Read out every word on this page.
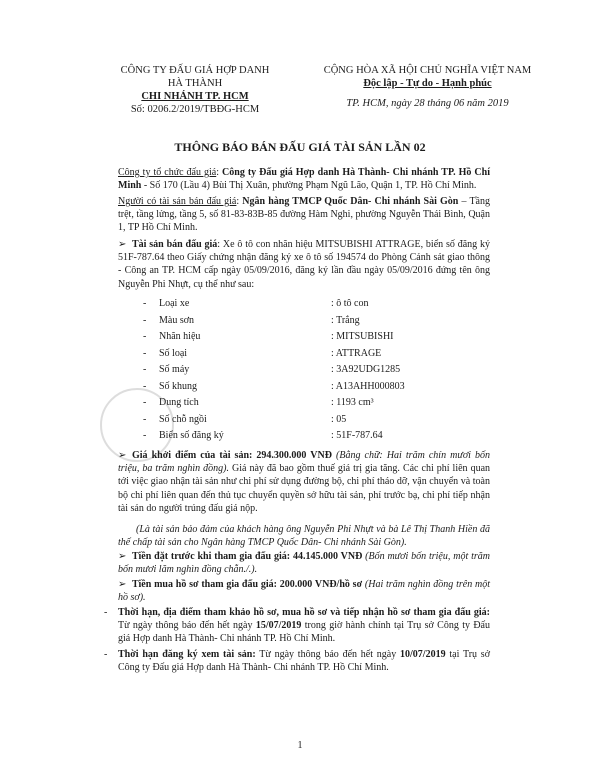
CÔNG TY ĐẤU GIÁ HỢP DANH
HÀ THÀNH
CHI NHÁNH TP. HCM
Số: 0206.2/2019/TBĐG-HCM
CỘNG HÒA XÃ HỘI CHỦ NGHĨA VIỆT NAM
Độc lập - Tự do - Hạnh phúc
TP. HCM, ngày 28 tháng 06 năm 2019
THÔNG BÁO BÁN ĐẤU GIÁ TÀI SẢN LẦN 02
Công ty tổ chức đấu giá: Công ty Đấu giá Hợp danh Hà Thành- Chi nhánh TP. Hồ Chí Minh - Số 170 (Lầu 4) Bùi Thị Xuân, phường Phạm Ngũ Lão, Quận 1, TP. Hồ Chí Minh.
Người có tài sản bán đấu giá: Ngân hàng TMCP Quốc Dân- Chi nhánh Sài Gòn – Tầng trệt, tầng lửng, tầng 5, số 81-83-83B-85 đường Hàm Nghi, phường Nguyễn Thái Bình, Quận 1, TP Hồ Chí Minh.
➢ Tài sản bán đấu giá: Xe ô tô con nhãn hiệu MITSUBISHI ATTRAGE, biển số đăng ký 51F-787.64 theo Giấy chứng nhận đăng ký xe ô tô số 194574 do Phòng Cảnh sát giao thông - Công an TP. HCM cấp ngày 05/09/2016, đăng ký lần đầu ngày 05/09/2016 đứng tên ông Nguyễn Phi Nhựt, cụ thể như sau:
- Loại xe	: ô tô con
- Màu sơn	: Trắng
- Nhãn hiệu	: MITSUBISHI
- Số loại	: ATTRAGE
- Số máy	: 3A92UDG1285
- Số khung	: A13AHH000803
- Dung tích	: 1193 cm³
- Số chỗ ngồi	: 05
- Biển số đăng ký	: 51F-787.64
➢ Giá khởi điểm của tài sản: 294.300.000 VNĐ (Bằng chữ: Hai trăm chín mươi bốn triệu, ba trăm nghìn đồng). Giá này đã bao gồm thuế giá trị gia tăng. Các chi phí liên quan tới việc giao nhận tài sản như chi phí sử dụng đường bộ, chi phí tháo dỡ, vận chuyển và toàn bộ chi phí liên quan đến thủ tục chuyển quyền sở hữu tài sản, phí trước bạ, chi phí tiếp nhận tài sản do người trúng đấu giá nộp.
(Là tài sản bảo đảm của khách hàng ông Nguyễn Phi Nhựt và bà Lê Thị Thanh Hiền đã thế chấp tài sản cho Ngân hàng TMCP Quốc Dân- Chi nhánh Sài Gòn).
➢ Tiền đặt trước khi tham gia đấu giá: 44.145.000 VNĐ (Bốn mươi bốn triệu, một trăm bốn mươi lăm nghìn đồng chẵn./.).
➢ Tiền mua hồ sơ tham gia đấu giá: 200.000 VNĐ/hồ sơ (Hai trăm nghìn đồng trên một hồ sơ).
- Thời hạn, địa điểm tham khảo hồ sơ, mua hồ sơ và tiếp nhận hồ sơ tham gia đấu giá: Từ ngày thông báo đến hết ngày 15/07/2019 trong giờ hành chính tại Trụ sở Công ty Đấu giá Hợp danh Hà Thành- Chi nhánh TP. Hồ Chí Minh.
- Thời hạn đăng ký xem tài sản: Từ ngày thông báo đến hết ngày 10/07/2019 tại Trụ sở Công ty Đấu giá Hợp danh Hà Thành- Chi nhánh TP. Hồ Chí Minh.
1
